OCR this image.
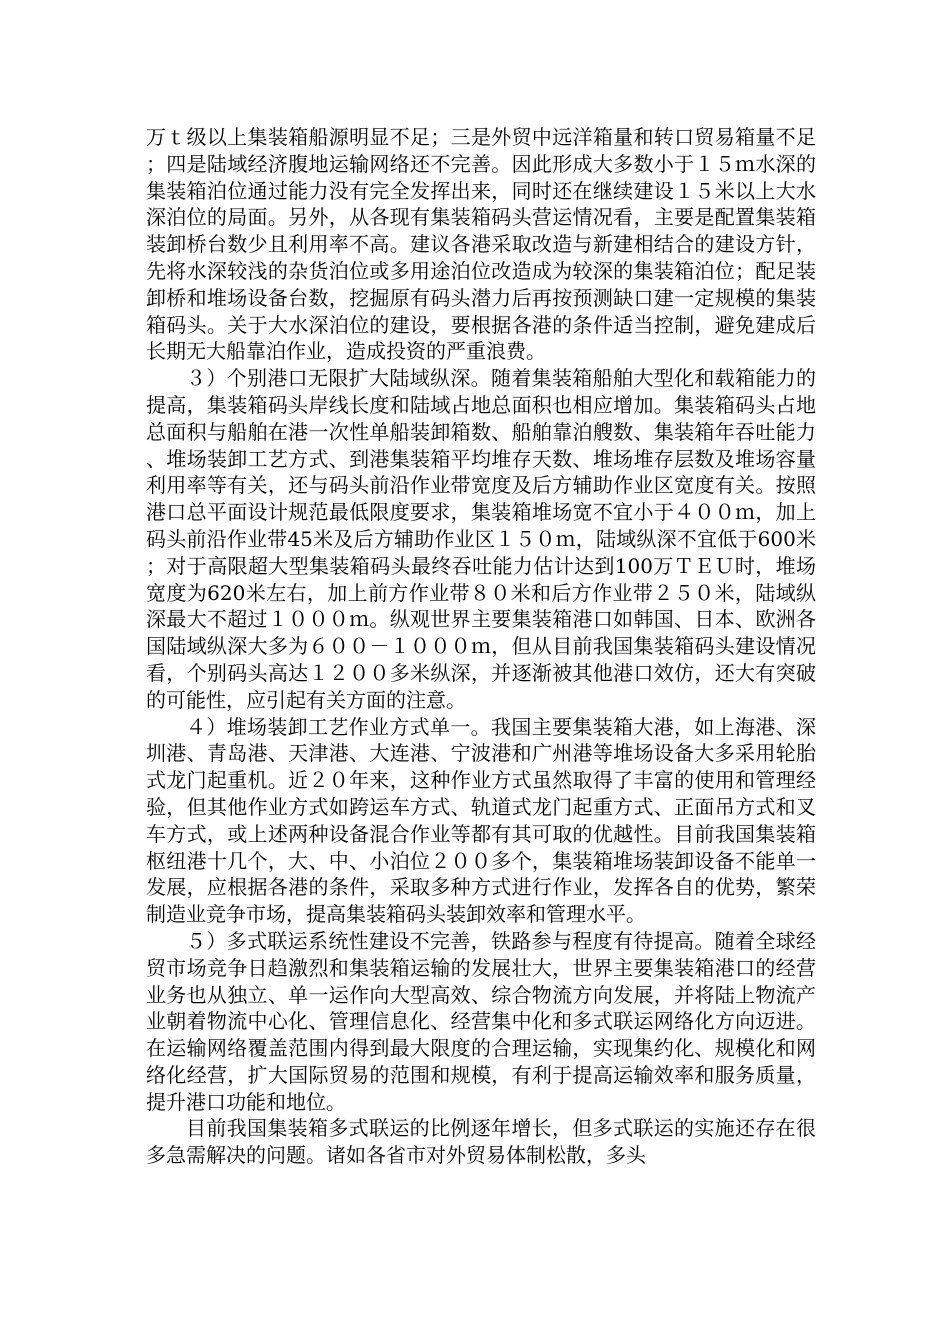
万ｔ级以上集装箱船源明显不足；三是外贸中远洋箱量和转口贸易箱量不足；四是陆域经济腹地运输网络还不完善。因此形成大多数小于１５ｍ水深的集装箱泊位通过能力没有完全发挥出来，同时还在继续建设１５米以上大水深泊位的局面。另外，从各现有集装箱码头营运情况看，主要是配置集装箱装卸桥台数少且利用率不高。建议各港采取改造与新建相结合的建设方针，先将水深较浅的杂货泊位或多用途泊位改造成为较深的集装箱泊位；配足装卸桥和堆场设备台数，挖掘原有码头潜力后再按预测缺口建一定规模的集装箱码头。关于大水深泊位的建设，要根据各港的条件适当控制，避免建成后长期无大船靠泊作业，造成投资的严重浪费。

３）个别港口无限扩大陆域纵深。随着集装箱船舶大型化和载箱能力的提高，集装箱码头岸线长度和陆域占地总面积也相应增加。集装箱码头占地总面积与船舶在港一次性单船装卸箱数、船舶靠泊艘数、集装箱年吞吐能力、堆场装卸工艺方式、到港集装箱平均堆存天数、堆场堆存层数及堆场容量利用率等有关，还与码头前沿作业带宽度及后方辅助作业区宽度有关。按照港口总平面设计规范最低限度要求，集装箱堆场宽不宜小于４００ｍ，加上码头前沿作业带45米及后方辅助作业区１５０ｍ，陆域纵深不宜低于600米；对于高限超大型集装箱码头最终吞吐能力估计达到100万ＴＥＵ时，堆场宽度为620米左右，加上前方作业带８０米和后方作业带２５０米，陆域纵深最大不超过１０００ｍ。纵观世界主要集装箱港口如韩国、日本、欧洲各国陆域纵深大多为６００－１０００ｍ，但从目前我国集装箱码头建设情况看，个别码头高达１２００多米纵深，并逐渐被其他港口效仿，还大有突破的可能性，应引起有关方面的注意。

４）堆场装卸工艺作业方式单一。我国主要集装箱大港，如上海港、深圳港、青岛港、天津港、大连港、宁波港和广州港等堆场设备大多采用轮胎式龙门起重机。近２０年来，这种作业方式虽然取得了丰富的使用和管理经验，但其他作业方式如跨运车方式、轨道式龙门起重方式、正面吊方式和叉车方式，或上述两种设备混合作业等都有其可取的优越性。目前我国集装箱枢纽港十几个，大、中、小泊位２００多个，集装箱堆场装卸设备不能单一发展，应根据各港的条件，采取多种方式进行作业，发挥各自的优势，繁荣制造业竞争市场，提高集装箱码头装卸效率和管理水平。

５）多式联运系统性建设不完善，铁路参与程度有待提高。随着全球经贸市场竞争日趋激烈和集装箱运输的发展壮大，世界主要集装箱港口的经营业务也从独立、单一运作向大型高效、综合物流方向发展，并将陆上物流产业朝着物流中心化、管理信息化、经营集中化和多式联运网络化方向迈进。在运输网络覆盖范围内得到最大限度的合理运输，实现集约化、规模化和网络化经营，扩大国际贸易的范围和规模，有利于提高运输效率和服务质量，提升港口功能和地位。

目前我国集装箱多式联运的比例逐年增长，但多式联运的实施还存在很多急需解决的问题。诸如各省市对外贸易体制松散，多头
